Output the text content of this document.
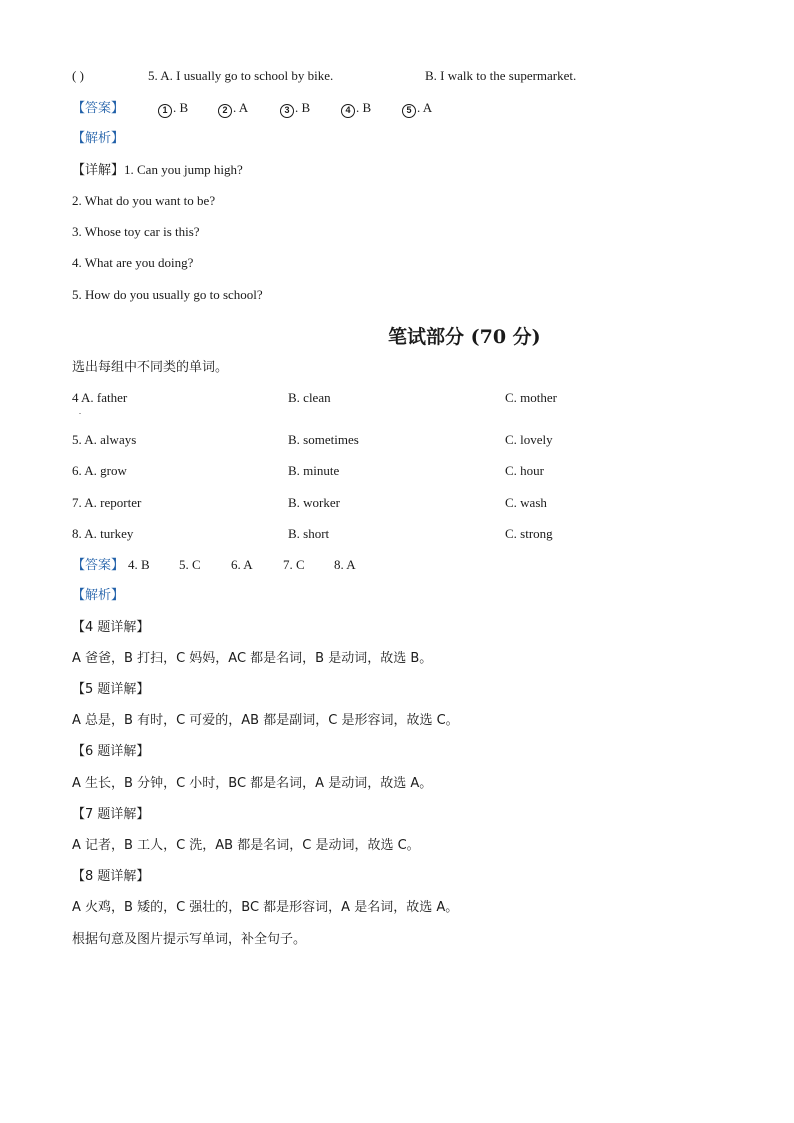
( )	5. A. I usually go to school by bike.	B. I walk to the supermarket.
【答案】	1 . B	2 . A	3 . B	4 . B	5 . A
【解析】
【详解】1. Can you jump high?
2. What do you want to be?
3. Whose toy car is this?
4. What are you doing?
5. How do you usually go to school?
笔试部分 (70 分)
选出每组中不同类的单词。
4 A. father	B. clean	C. mother
.
5. A. always	B. sometimes	C. lovely
6. A. grow	B. minute	C. hour
7. A. reporter	B. worker	C. wash
8. A. turkey	B. short	C. strong
【答案】 4. B 5. C 6. A 7. C 8. A
【解析】
【4 题详解】
A 爸爸，B 打扫，C 妈妈，AC 都是名词，B 是动词，故选 B。
【5 题详解】
A 总是，B 有时，C 可爱的，AB 都是副词，C 是形容词，故选 C。
【6 题详解】
A 生长，B 分钟，C 小时，BC 都是名词，A 是动词，故选 A。
【7 题详解】
A 记者，B 工人，C 洗，AB 都是名词，C 是动词，故选 C。
【8 题详解】
A 火鸡，B 矮的，C 强壮的，BC 都是形容词，A 是名词，故选 A。
根据句意及图片提示写单词，补全句子。
